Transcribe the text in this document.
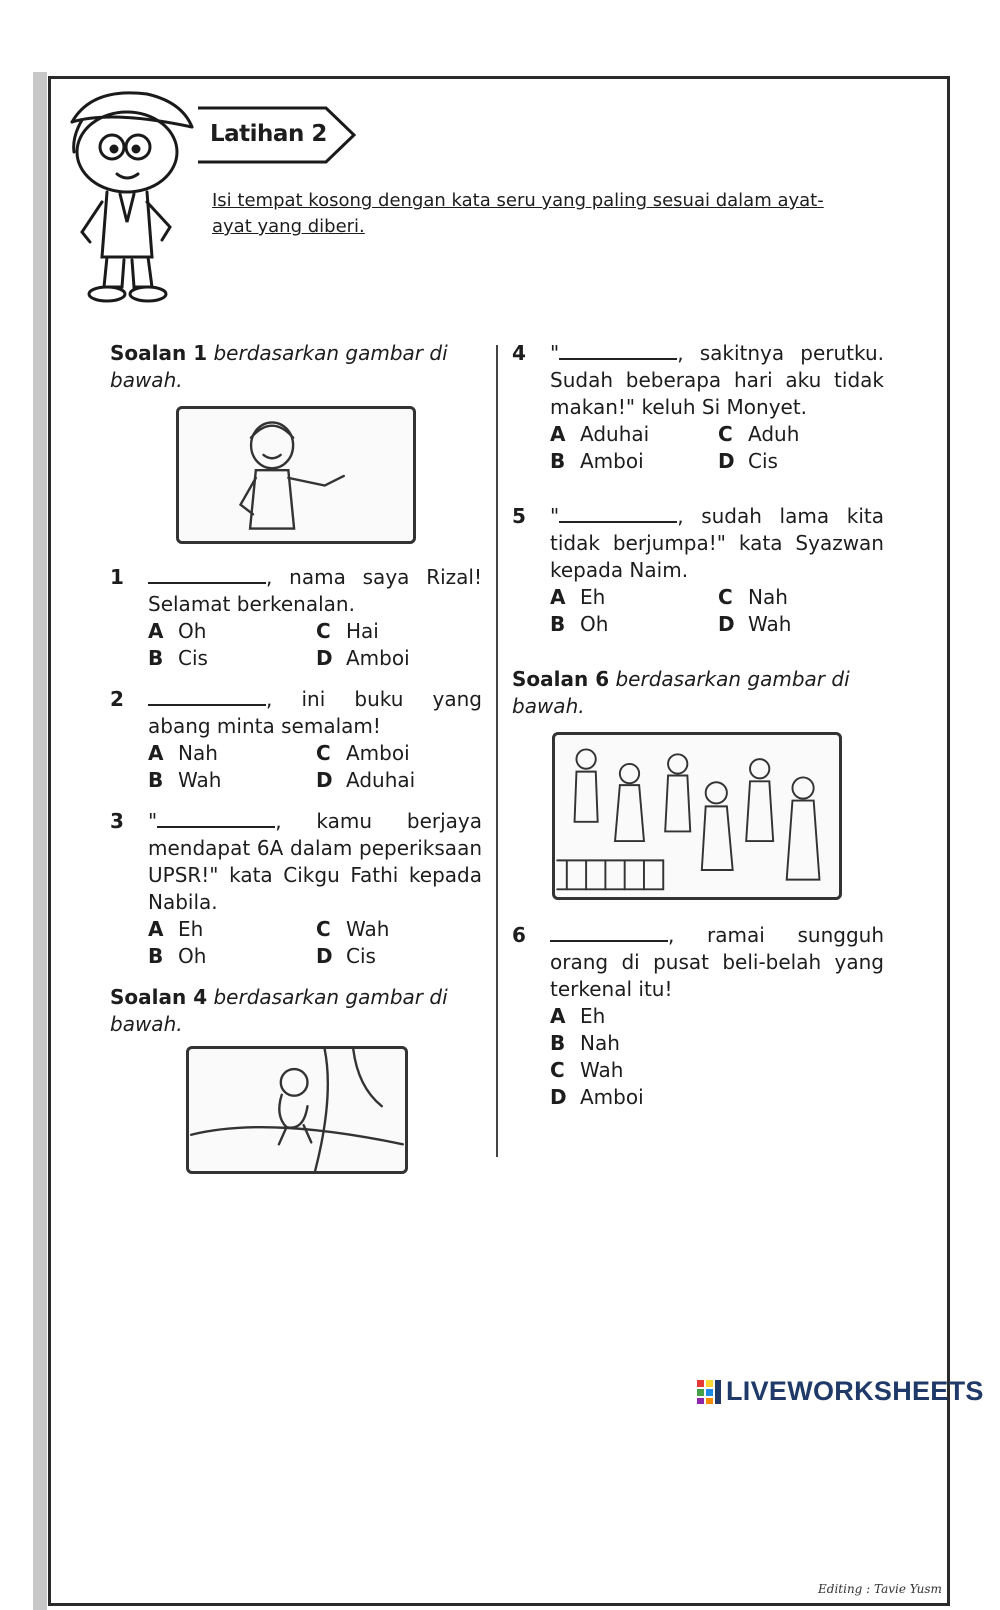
Latihan 2
Isi tempat kosong dengan kata seru yang paling sesuai dalam ayat-ayat yang diberi.

Soalan 1 berdasarkan gambar di bawah.

1	, nama saya Rizal! Selamat berkenalan.
A Oh	C Hai
B Cis	D Amboi
2	, ini buku yang abang minta semalam!
A Nah	C Amboi
B Wah	D Aduhai
3	"	, kamu berjaya mendapat 6A dalam peperiksaan UPSR!" kata Cikgu Fathi kepada Nabila.
A Eh	C Wah
B Oh	D Cis

Soalan 4 berdasarkan gambar di bawah.

4	"	, sakitnya perutku. Sudah beberapa hari aku tidak makan!" keluh Si Monyet.
A Aduhai	C Aduh
B Amboi	D Cis
5	"	, sudah lama kita tidak berjumpa!" kata Syazwan kepada Naim.
A Eh	C Nah
B Oh	D Wah

Soalan 6 berdasarkan gambar di bawah.

6	, ramai sungguh orang di pusat beli-belah yang terkenal itu!
A Eh
B Nah
C Wah
D Amboi
Editing : Tavie Yusm
LIVEWORKSHEETS
